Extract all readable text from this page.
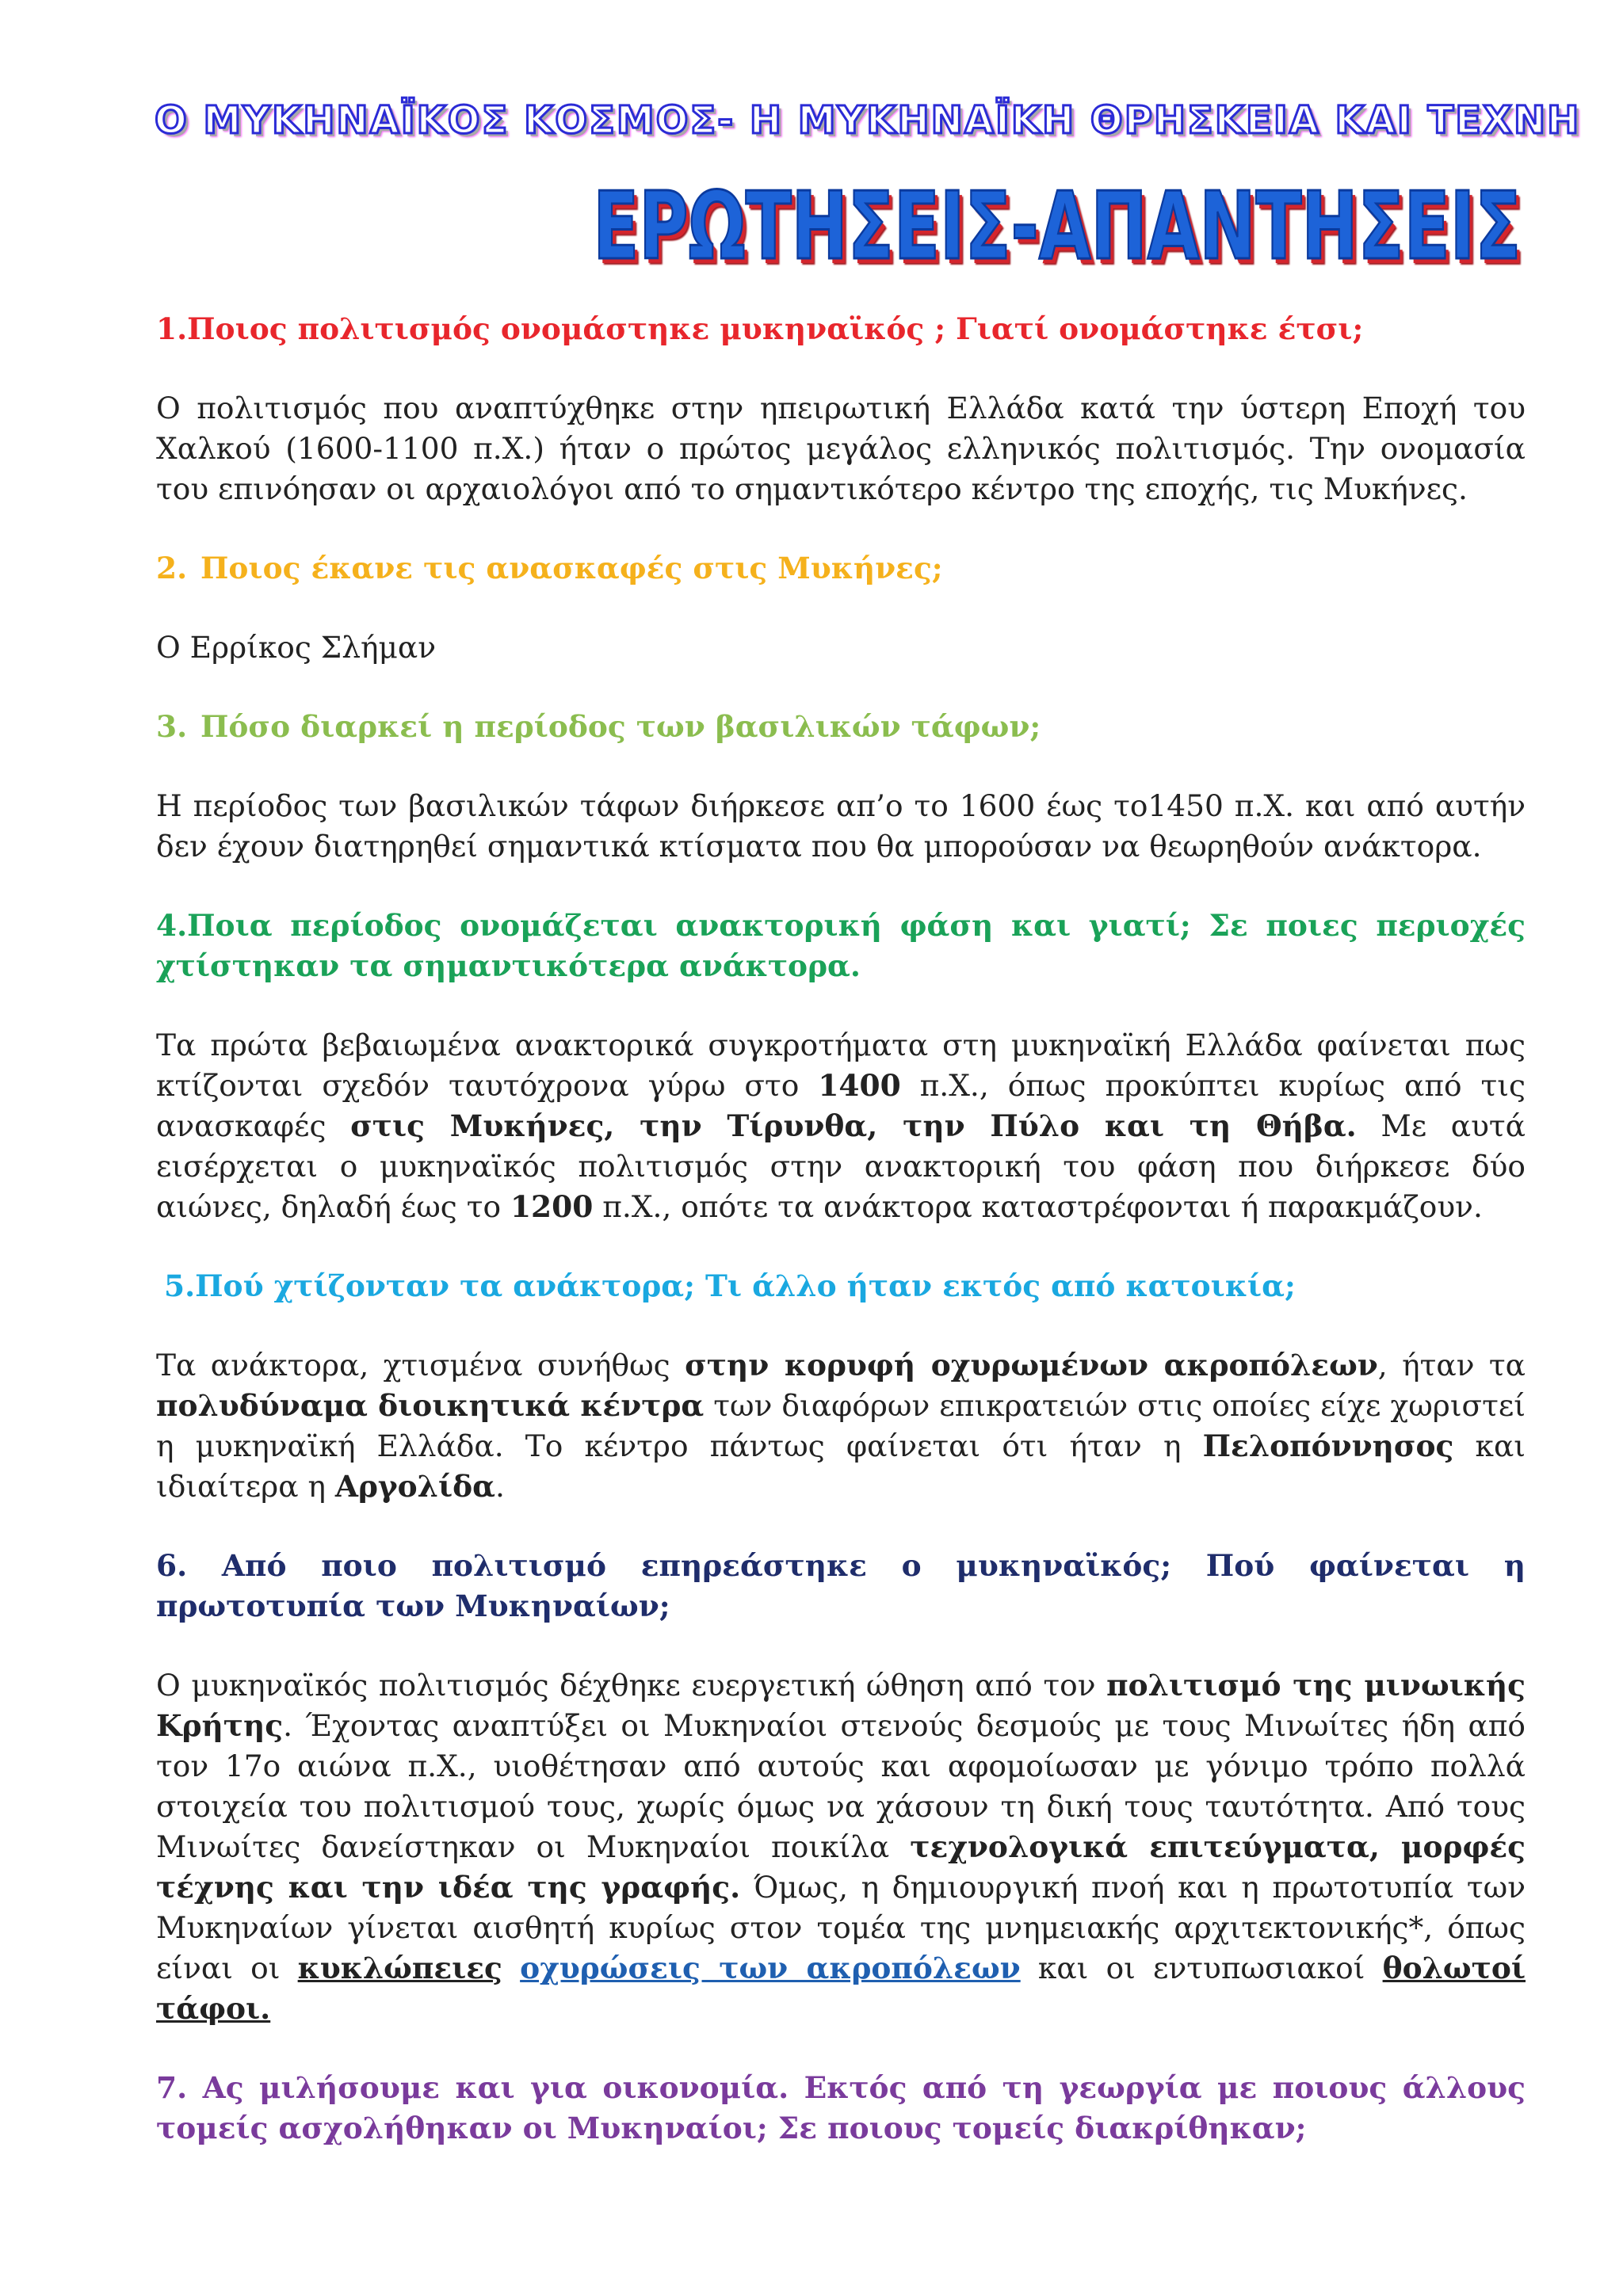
Ο ΜΥΚΗΝΑΪΚΟΣ ΚΟΣΜΟΣ- Η ΜΥΚΗΝΑΪΚΗ ΘΡΗΣΚΕΙΑ ΚΑΙ ΤΕΧΝΗ
ΕΡΩΤΗΣΕΙΣ-ΑΠΑΝΤΗΣΕΙΣ

1.Ποιος πολιτισμός ονομάστηκε μυκηναϊκός ; Γιατί ονομάστηκε έτσι;

Ο πολιτισμός που αναπτύχθηκε στην ηπειρωτική Ελλάδα κατά την ύστερη Εποχή του Χαλκού (1600-1100 π.Χ.) ήταν ο πρώτος μεγάλος ελληνικός πολιτισμός. Την ονομασία του επινόησαν οι αρχαιολόγοι από το σημαντικότερο κέντρο της εποχής, τις Μυκήνες.

2. Ποιος έκανε τις ανασκαφές στις Μυκήνες;

Ο Ερρίκος Σλήμαν

3. Πόσο διαρκεί η περίοδος των βασιλικών τάφων;

Η περίοδος των βασιλικών τάφων διήρκεσε απ’ο το 1600 έως το1450 π.Χ. και από αυτήν δεν έχουν διατηρηθεί σημαντικά κτίσματα που θα μπορούσαν να θεωρηθούν ανάκτορα.

4.Ποια περίοδος ονομάζεται ανακτορική φάση και γιατί; Σε ποιες περιοχές χτίστηκαν τα σημαντικότερα ανάκτορα.

Τα πρώτα βεβαιωμένα ανακτορικά συγκροτήματα στη μυκηναϊκή Ελλάδα φαίνεται πως κτίζονται σχεδόν ταυτόχρονα γύρω στο 1400 π.Χ., όπως προκύπτει κυρίως από τις ανασκαφές στις Μυκήνες, την Τίρυνθα, την Πύλο και τη Θήβα. Με αυτά εισέρχεται ο μυκηναϊκός πολιτισμός στην ανακτορική του φάση που διήρκεσε δύο αιώνες, δηλαδή έως το 1200 π.Χ., οπότε τα ανάκτορα καταστρέφονται ή παρακμάζουν.

5.Πού χτίζονταν τα ανάκτορα; Τι άλλο ήταν εκτός από κατοικία;

Τα ανάκτορα, χτισμένα συνήθως στην κορυφή οχυρωμένων ακροπόλεων, ήταν τα πολυδύναμα διοικητικά κέντρα των διαφόρων επικρατειών στις οποίες είχε χωριστεί η μυκηναϊκή Ελλάδα. Το κέντρο πάντως φαίνεται ότι ήταν η Πελοπόννησος και ιδιαίτερα η Αργολίδα.

6. Από ποιο πολιτισμό επηρεάστηκε ο μυκηναϊκός; Πού φαίνεται η πρωτοτυπία των Μυκηναίων;

Ο μυκηναϊκός πολιτισμός δέχθηκε ευεργετική ώθηση από τον πολιτισμό της μινωικής Κρήτης. Έχοντας αναπτύξει οι Μυκηναίοι στενούς δεσμούς με τους Μινωίτες ήδη από τον 17ο αιώνα π.Χ., υιοθέτησαν από αυτούς και αφομοίωσαν με γόνιμο τρόπο πολλά στοιχεία του πολιτισμού τους, χωρίς όμως να χάσουν τη δική τους ταυτότητα. Από τους Μινωίτες δανείστηκαν οι Μυκηναίοι ποικίλα τεχνολογικά επιτεύγματα, μορφές τέχνης και την ιδέα της γραφής. Όμως, η δημιουργική πνοή και η πρωτοτυπία των Μυκηναίων γίνεται αισθητή κυρίως στον τομέα της μνημειακής αρχιτεκτονικής*, όπως είναι οι κυκλώπειες οχυρώσεις των ακροπόλεων και οι εντυπωσιακοί θολωτοί τάφοι.

7. Ας μιλήσουμε και για οικονομία. Εκτός από τη γεωργία με ποιους άλλους τομείς ασχολήθηκαν οι Μυκηναίοι; Σε ποιους τομείς διακρίθηκαν;
